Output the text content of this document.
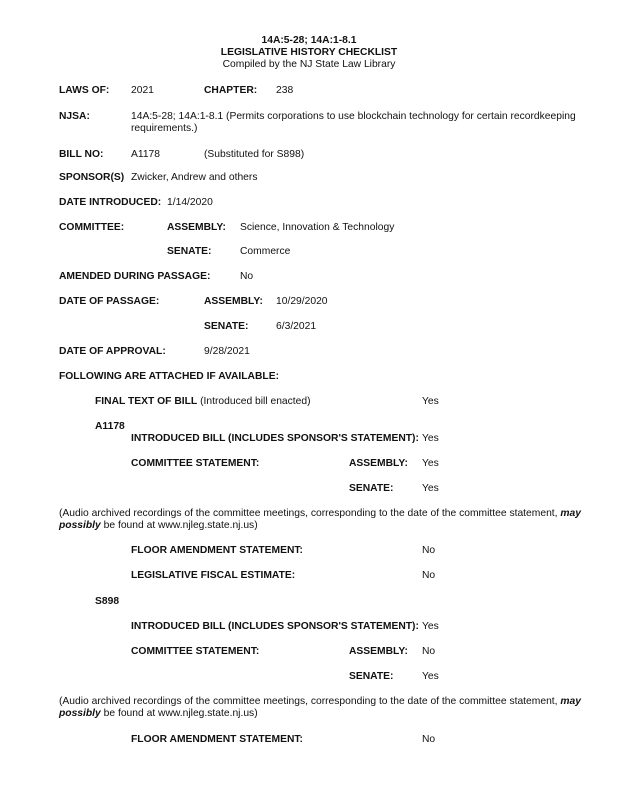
14A:5-28; 14A:1-8.1
LEGISLATIVE HISTORY CHECKLIST
Compiled by the NJ State Law Library
LAWS OF: 2021	CHAPTER: 238
NJSA:	14A:5-28; 14A:1-8.1 (Permits corporations to use blockchain technology for certain recordkeeping
requirements.)
BILL NO:	A1178	(Substituted for S898)
SPONSOR(S) Zwicker, Andrew and others
DATE INTRODUCED: 1/14/2020
COMMITTEE:	ASSEMBLY: Science, Innovation & Technology
SENATE:	Commerce
AMENDED DURING PASSAGE:	No
DATE OF PASSAGE:	ASSEMBLY: 10/29/2020
SENATE:	6/3/2021
DATE OF APPROVAL:	9/28/2021
FOLLOWING ARE ATTACHED IF AVAILABLE:
FINAL TEXT OF BILL (Introduced bill enacted)	Yes
A1178
INTRODUCED BILL (INCLUDES SPONSOR'S STATEMENT): Yes
COMMITTEE STATEMENT:	ASSEMBLY: Yes
SENATE:	Yes
(Audio archived recordings of the committee meetings, corresponding to the date of the committee statement, may
possibly be found at www.njleg.state.nj.us)
FLOOR AMENDMENT STATEMENT:	No
LEGISLATIVE FISCAL ESTIMATE:	No
S898
INTRODUCED BILL (INCLUDES SPONSOR'S STATEMENT): Yes
COMMITTEE STATEMENT:	ASSEMBLY: No
SENATE:	Yes
(Audio archived recordings of the committee meetings, corresponding to the date of the committee statement, may
possibly be found at www.njleg.state.nj.us)
FLOOR AMENDMENT STATEMENT:	No
